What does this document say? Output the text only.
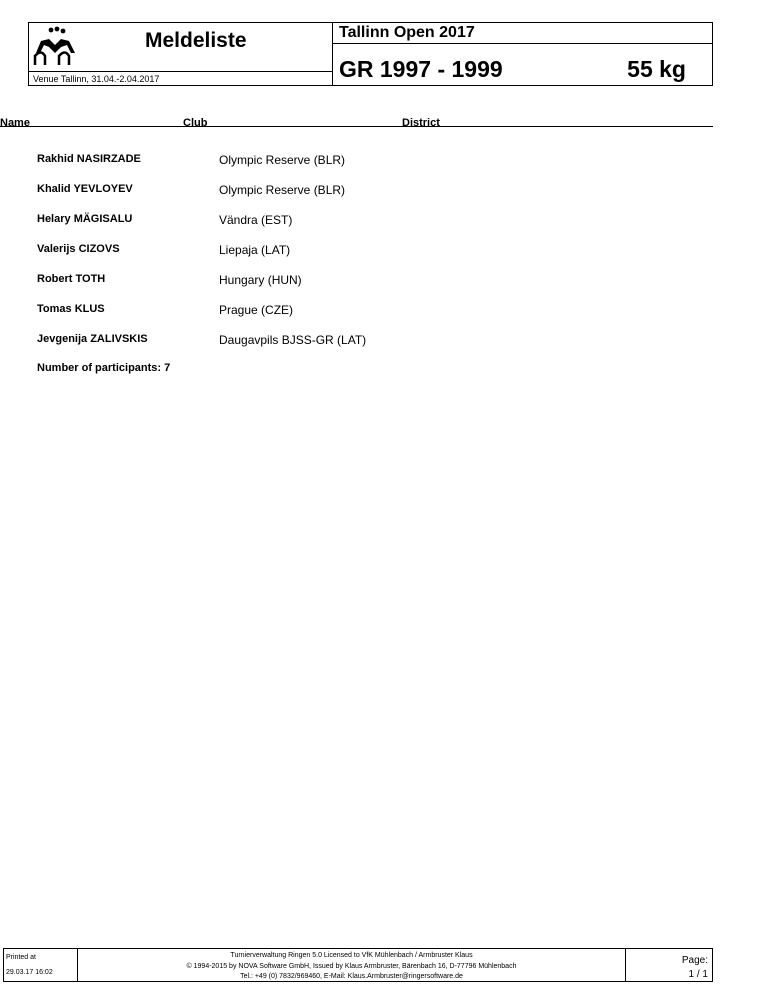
Meldeliste
Venue Tallinn, 31.04.-2.04.2017
Tallinn Open 2017
GR 1997 - 1999	55 kg
Name	Club	District
Rakhid NASIRZADE	Olympic Reserve (BLR)
Khalid YEVLOYEV	Olympic Reserve (BLR)
Helary MÄGISALU	Vändra (EST)
Valerijs CIZOVS	Liepaja (LAT)
Robert TOTH	Hungary (HUN)
Tomas KLUS	Prague (CZE)
Jevgenija ZALIVSKIS	Daugavpils BJSS-GR (LAT)
Number of participants: 7
Printed at
29.03.17 16:02
Turnierverwaltung Ringen 5.0 Licensed to VfK Mühlenbach / Armbruster Klaus
© 1994-2015 by NOVA Software GmbH, Issued by Klaus Armbruster, Bärenbach 16, D-77796 Mühlenbach
Tel.: +49 (0) 7832/969460, E-Mail: Klaus.Armbruster@ringersoftware.de
Page:
1 / 1
